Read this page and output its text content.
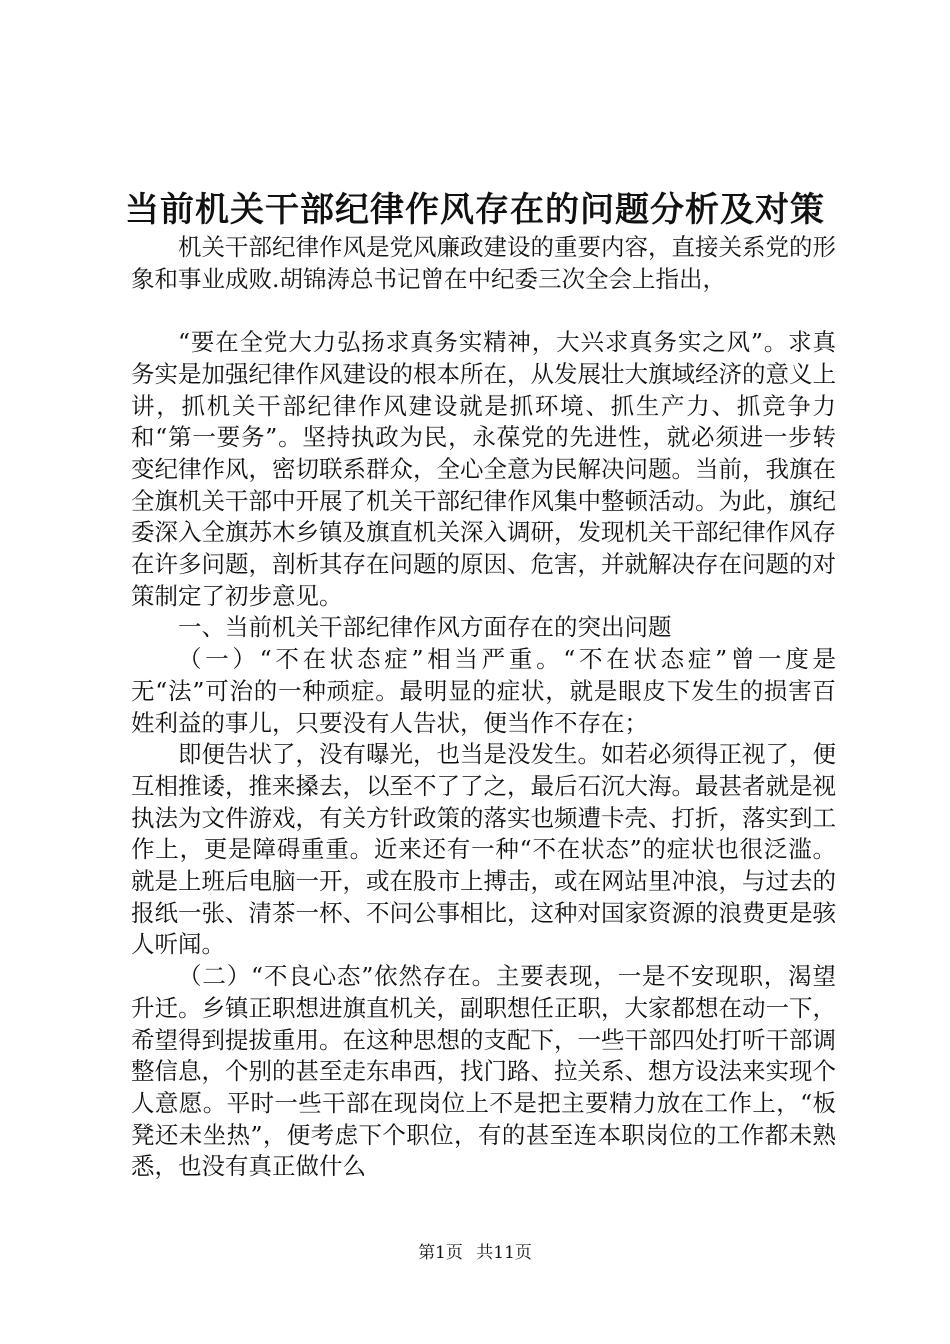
当前机关干部纪律作风存在的问题分析及对策

机关干部纪律作风是党风廉政建设的重要内容，直接关系党的形象和事业成败.胡锦涛总书记曾在中纪委三次全会上指出，

“要在全党大力弘扬求真务实精神，大兴求真务实之风”。求真务实是加强纪律作风建设的根本所在，从发展壮大旗域经济的意义上讲，抓机关干部纪律作风建设就是抓环境、抓生产力、抓竞争力和“第一要务”。坚持执政为民，永葆党的先进性，就必须进一步转变纪律作风，密切联系群众，全心全意为民解决问题。当前，我旗在全旗机关干部中开展了机关干部纪律作风集中整顿活动。为此，旗纪委深入全旗苏木乡镇及旗直机关深入调研，发现机关干部纪律作风存在许多问题，剖析其存在问题的原因、危害，并就解决存在问题的对策制定了初步意见。

一、当前机关干部纪律作风方面存在的突出问题

（一）“不在状态症”相当严重。“不在状态症”曾一度是无“法”可治的一种顽症。最明显的症状，就是眼皮下发生的损害百姓利益的事儿，只要没有人告状，便当作不存在；

即便告状了，没有曝光，也当是没发生。如若必须得正视了，便互相推诿，推来搡去，以至不了了之，最后石沉大海。最甚者就是视执法为文件游戏，有关方针政策的落实也频遭卡壳、打折，落实到工作上，更是障碍重重。近来还有一种“不在状态”的症状也很泛滥。就是上班后电脑一开，或在股市上搏击，或在网站里冲浪，与过去的报纸一张、清茶一杯、不问公事相比，这种对国家资源的浪费更是骇人听闻。

（二）“不良心态”依然存在。主要表现，一是不安现职，渴望升迁。乡镇正职想进旗直机关，副职想任正职，大家都想在动一下，希望得到提拔重用。在这种思想的支配下，一些干部四处打听干部调整信息，个别的甚至走东串西，找门路、拉关系、想方设法来实现个人意愿。平时一些干部在现岗位上不是把主要精力放在工作上，“板凳还未坐热”，便考虑下个职位，有的甚至连本职岗位的工作都未熟悉，也没有真正做什么

第1页 共11页
